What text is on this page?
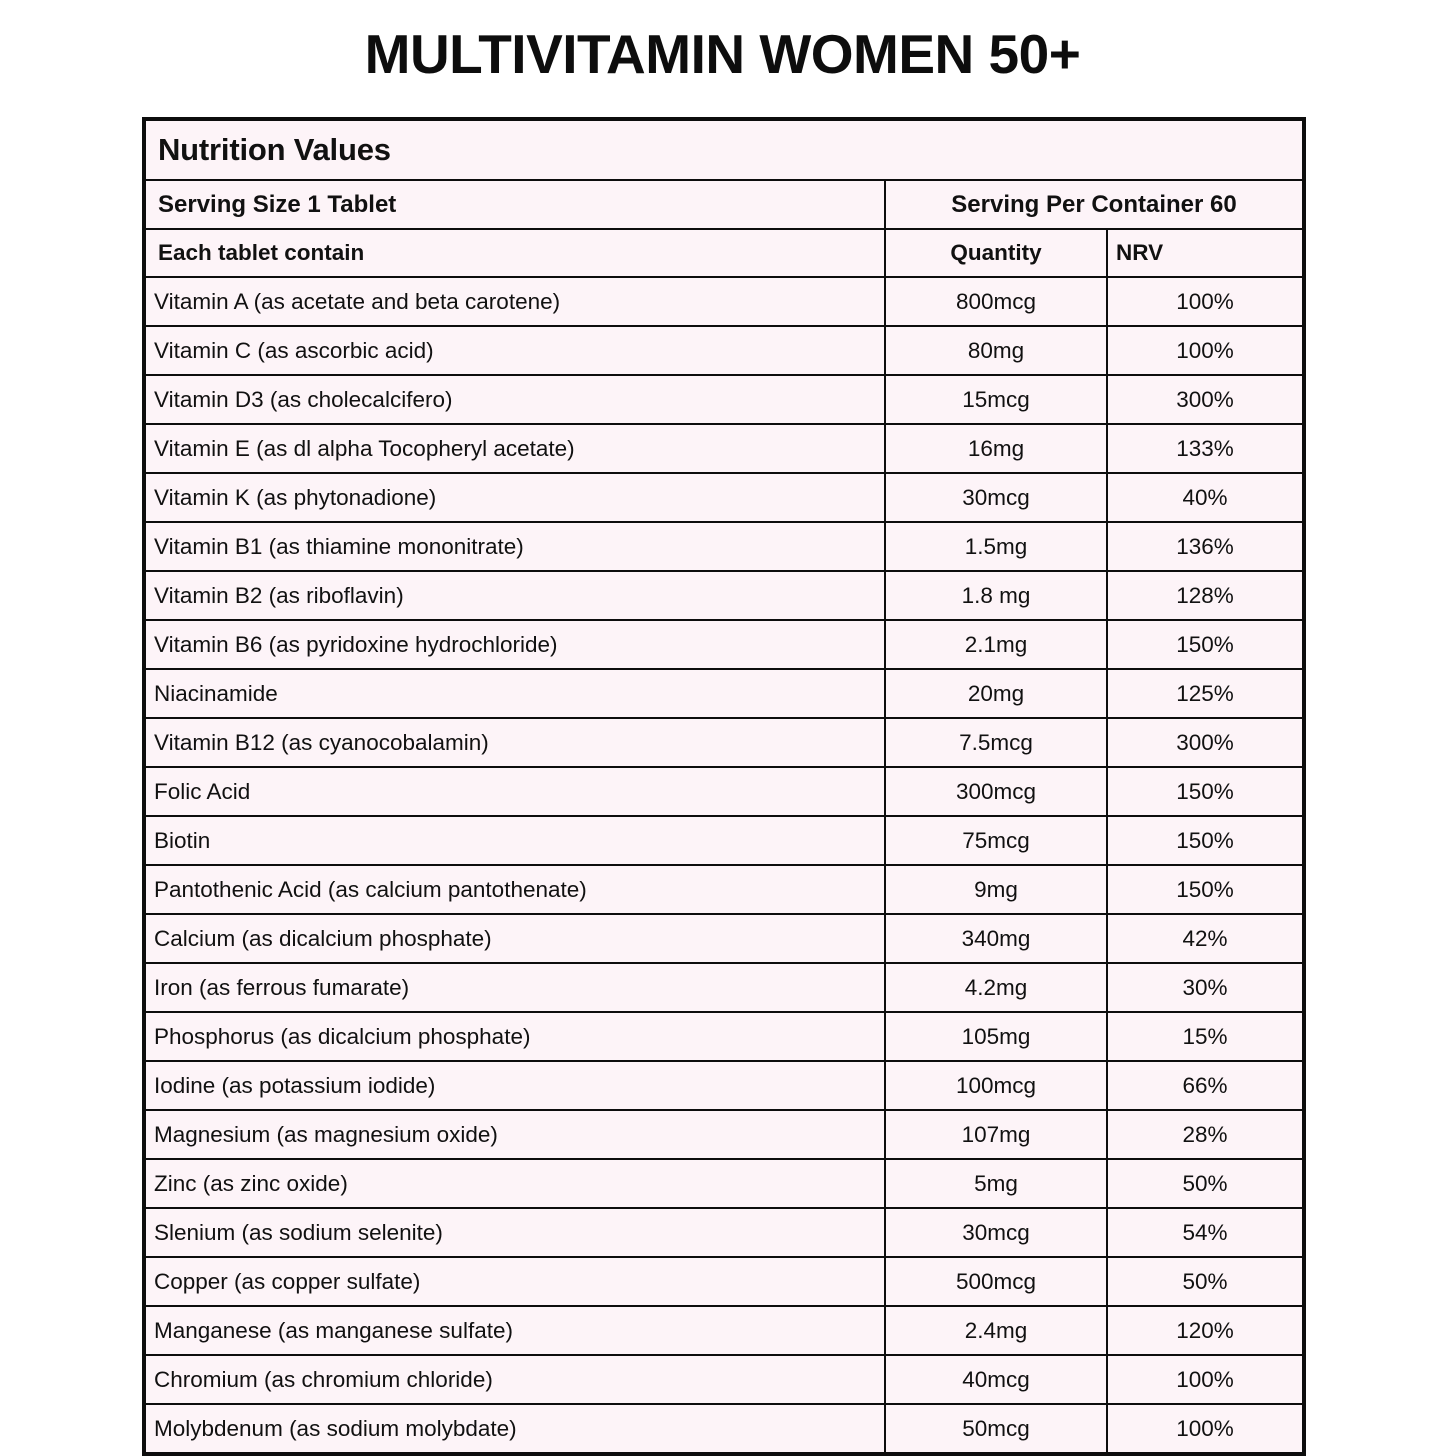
MULTIVITAMIN WOMEN 50+
Nutrition Values		
Serving Size 1 Tablet	Serving Per Container 60	
Each tablet contain	Quantity	NRV
Vitamin A (as acetate and beta carotene)	800mcg	100%
Vitamin C (as ascorbic acid)	80mg	100%
Vitamin D3 (as cholecalcifero)	15mcg	300%
Vitamin E (as dl alpha Tocopheryl acetate)	16mg	133%
Vitamin K (as phytonadione)	30mcg	40%
Vitamin B1 (as thiamine mononitrate)	1.5mg	136%
Vitamin B2 (as riboflavin)	1.8 mg	128%
Vitamin B6 (as pyridoxine hydrochloride)	2.1mg	150%
Niacinamide	20mg	125%
Vitamin B12 (as cyanocobalamin)	7.5mcg	300%
Folic Acid	300mcg	150%
Biotin	75mcg	150%
Pantothenic Acid (as calcium pantothenate)	9mg	150%
Calcium (as dicalcium phosphate)	340mg	42%
Iron (as ferrous fumarate)	4.2mg	30%
Phosphorus (as dicalcium phosphate)	105mg	15%
Iodine (as potassium iodide)	100mcg	66%
Magnesium (as magnesium oxide)	107mg	28%
Zinc (as zinc oxide)	5mg	50%
Slenium (as sodium selenite)	30mcg	54%
Copper (as copper sulfate)	500mcg	50%
Manganese (as manganese sulfate)	2.4mg	120%
Chromium (as chromium chloride)	40mcg	100%
Molybdenum (as sodium molybdate)	50mcg	100%
